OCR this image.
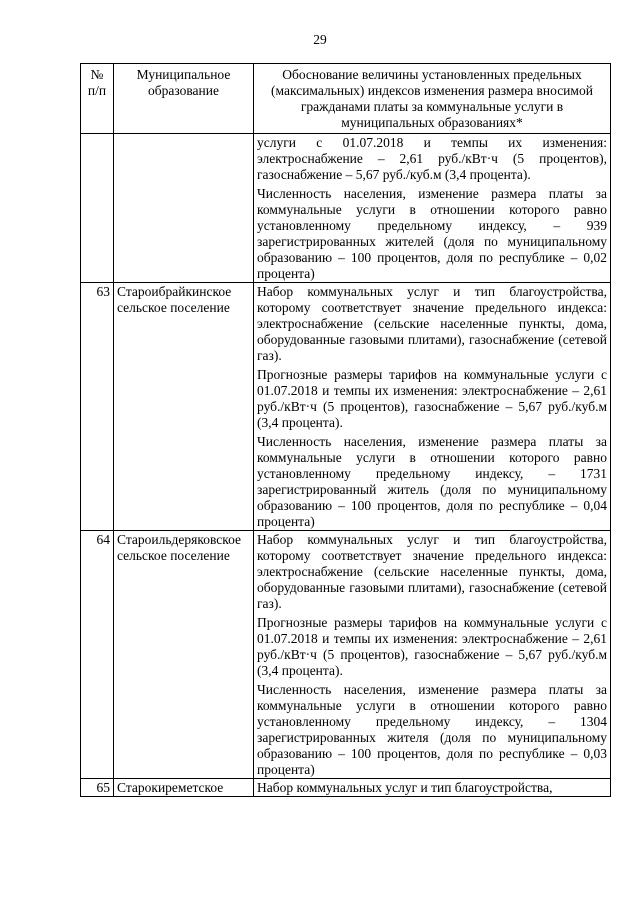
29
№
п/п	Муниципальное образование	Обоснование величины установленных предельных (максимальных) индексов изменения размера вносимой гражданами платы за коммунальные услуги в муниципальных образованиях*

		услуги с 01.07.2018 и темпы их изменения: электроснабжение – 2,61 руб./кВт·ч (5 процентов), газоснабжение – 5,67 руб./куб.м (3,4 процента).

Численность населения, изменение размера платы за коммунальные услуги в отношении которого равно установленному предельному индексу, – 939 зарегистрированных жителей (доля по муниципальному образованию – 100 процентов, доля по республике – 0,02 процента)

63	Староибрайкинское сельское поселение	Набор коммунальных услуг и тип благоустройства, которому соответствует значение предельного индекса: электроснабжение (сельские населенные пункты, дома, оборудованные газовыми плитами), газоснабжение (сетевой газ).

Прогнозные размеры тарифов на коммунальные услуги с 01.07.2018 и темпы их изменения: электроснабжение – 2,61 руб./кВт·ч (5 процентов), газоснабжение – 5,67 руб./куб.м (3,4 процента).

Численность населения, изменение размера платы за коммунальные услуги в отношении которого равно установленному предельному индексу, – 1731 зарегистрированный житель (доля по муниципальному образованию – 100 процентов, доля по республике – 0,04 процента)

64	Староильдеряковское сельское поселение	Набор коммунальных услуг и тип благоустройства, которому соответствует значение предельного индекса: электроснабжение (сельские населенные пункты, дома, оборудованные газовыми плитами), газоснабжение (сетевой газ).

Прогнозные размеры тарифов на коммунальные услуги с 01.07.2018 и темпы их изменения: электроснабжение – 2,61 руб./кВт·ч (5 процентов), газоснабжение – 5,67 руб./куб.м (3,4 процента).

Численность населения, изменение размера платы за коммунальные услуги в отношении которого равно установленному предельному индексу, – 1304 зарегистрированных жителя (доля по муниципальному образованию – 100 процентов, доля по республике – 0,03 процента)

65	Старокиреметское	Набор коммунальных услуг и тип благоустройства,
